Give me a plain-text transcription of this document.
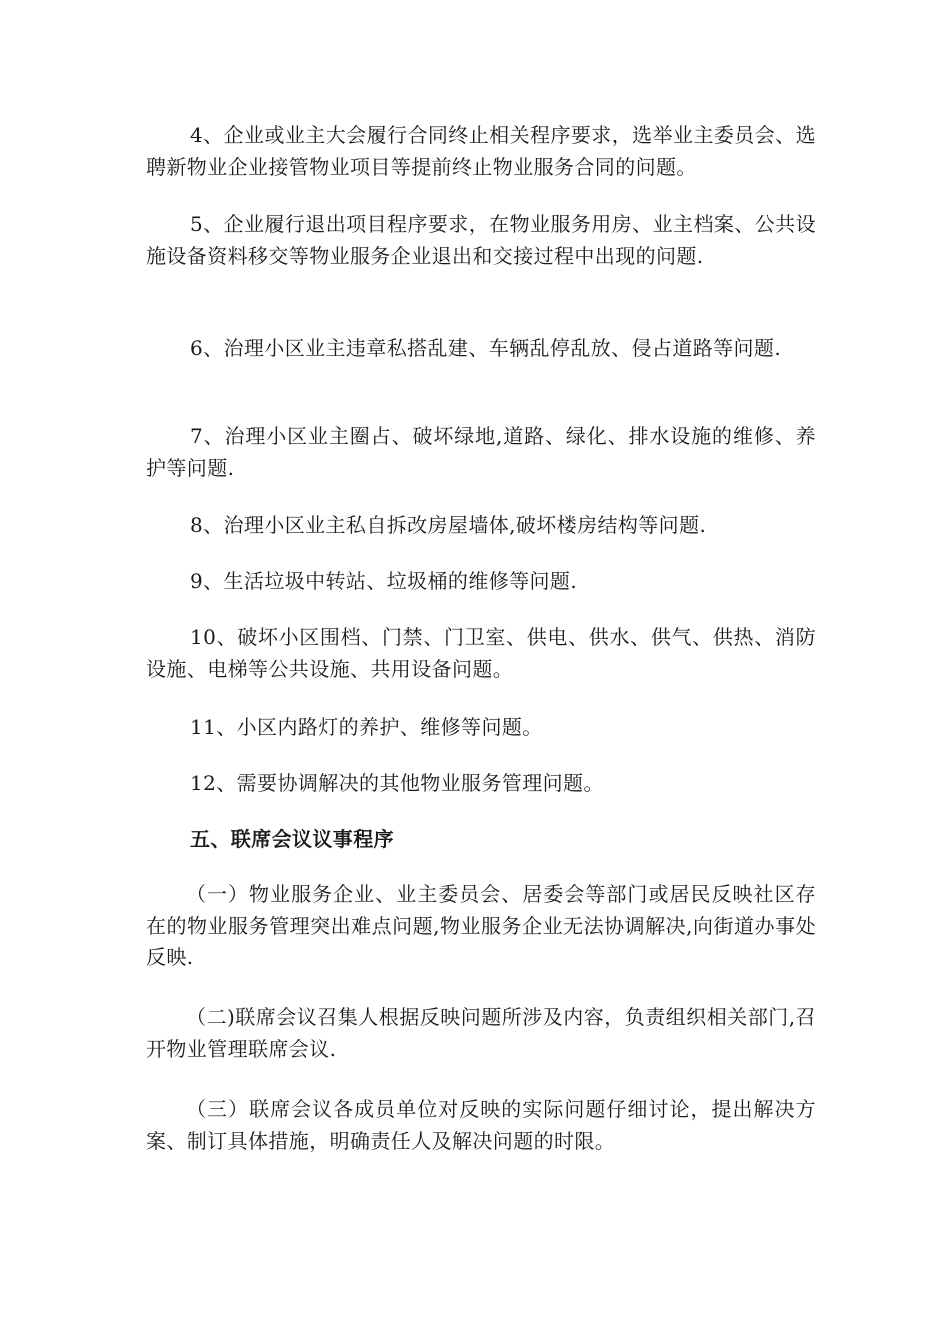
4、企业或业主大会履行合同终止相关程序要求，选举业主委员会、选聘新物业企业接管物业项目等提前终止物业服务合同的问题。

5、企业履行退出项目程序要求，在物业服务用房、业主档案、公共设施设备资料移交等物业服务企业退出和交接过程中出现的问题.

6、治理小区业主违章私搭乱建、车辆乱停乱放、侵占道路等问题.

7、治理小区业主圈占、破坏绿地,道路、绿化、排水设施的维修、养护等问题.

8、治理小区业主私自拆改房屋墙体,破坏楼房结构等问题.

9、生活垃圾中转站、垃圾桶的维修等问题.

10、破坏小区围档、门禁、门卫室、供电、供水、供气、供热、消防设施、电梯等公共设施、共用设备问题。

11、小区内路灯的养护、维修等问题。

12、需要协调解决的其他物业服务管理问题。

五、联席会议议事程序

（一）物业服务企业、业主委员会、居委会等部门或居民反映社区存在的物业服务管理突出难点问题,物业服务企业无法协调解决,向街道办事处反映.

（二)联席会议召集人根据反映问题所涉及内容，负责组织相关部门,召开物业管理联席会议.

（三）联席会议各成员单位对反映的实际问题仔细讨论，提出解决方案、制订具体措施，明确责任人及解决问题的时限。
